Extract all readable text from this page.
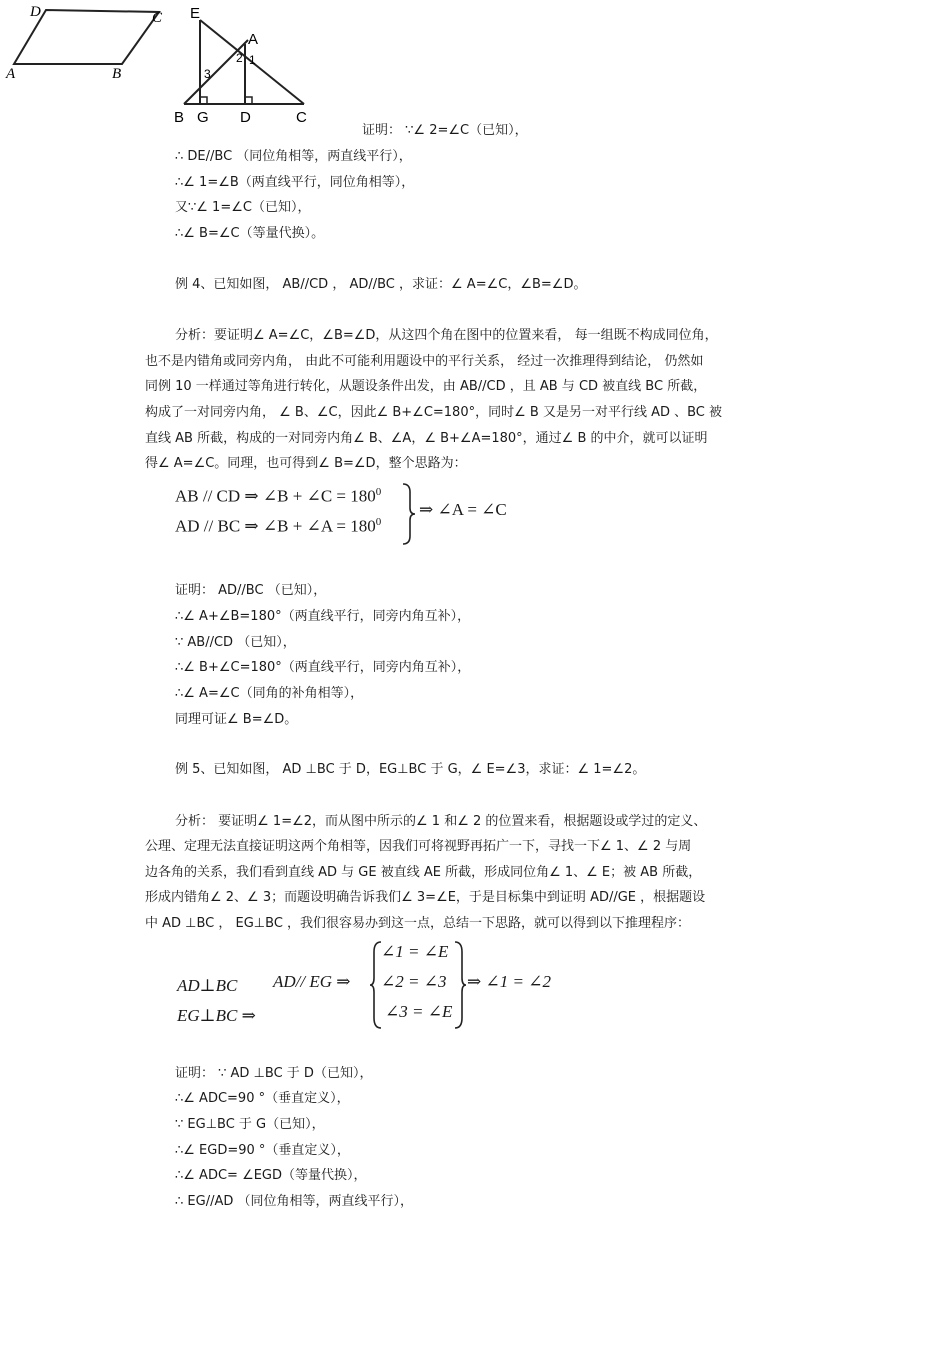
D	C
A	B
E
A
2 1
3
B G D	C
证明： ∵∠ 2=∠C（已知），
∴ DE//BC （同位角相等，两直线平行），
∴∠ 1=∠B（两直线平行，同位角相等），
又∵∠ 1=∠C（已知），
∴∠ B=∠C（等量代换）。
例 4、已知如图， AB//CD ， AD//BC ，求证：∠ A=∠C，∠B=∠D。
分析：要证明∠ A=∠C，∠B=∠D，从这四个角在图中的位置来看， 每一组既不构成同位角，
也不是内错角或同旁内角， 由此不可能利用题设中的平行关系， 经过一次推理得到结论， 仍然如
同例 10 一样通过等角进行转化，从题设条件出发，由 AB//CD ，且 AB 与 CD 被直线 BC 所截，
构成了一对同旁内角， ∠ B、∠C，因此∠ B+∠C=180°，同时∠ B 又是另一对平行线 AD 、BC 被
直线 AB 所截，构成的一对同旁内角∠ B、∠A，∠ B+∠A=180°，通过∠ B 的中介，就可以证明
得∠ A=∠C。同理，也可得到∠ B=∠D，整个思路为：
AB // CD ⇒ ∠B + ∠C = $180^0$
AD // BC ⇒ ∠B + ∠A = $180^0$
⇒ ∠A = ∠C
证明： AD//BC （已知），
∴∠ A+∠B=180°（两直线平行，同旁内角互补），
∵ AB//CD （已知），
∴∠ B+∠C=180°（两直线平行，同旁内角互补），
∴∠ A=∠C（同角的补角相等），
同理可证∠ B=∠D。
例 5、已知如图， AD ⊥BC 于 D，EG⊥BC 于 G，∠ E=∠3，求证：∠ 1=∠2。
分析： 要证明∠ 1=∠2，而从图中所示的∠ 1 和∠ 2 的位置来看，根据题设或学过的定义、
公理、定理无法直接证明这两个角相等，因我们可将视野再拓广一下，寻找一下∠ 1、∠ 2 与周
边各角的关系，我们看到直线 AD 与 GE 被直线 AE 所截，形成同位角∠ 1、∠ E；被 AB 所截，
形成内错角∠ 2、∠ 3；而题设明确告诉我们∠ 3=∠E，于是目标集中到证明 AD//GE ，根据题设
中 AD ⊥BC ， EG⊥BC ，我们很容易办到这一点，总结一下思路，就可以得到以下推理程序：
AD⊥BC
EG⊥BC ⇒
AD// EG ⇒
∠1 = ∠E
∠2 = ∠3
∠3 = ∠E
⇒ ∠1 = ∠2
证明： ∵ AD ⊥BC 于 D（已知），
∴∠ ADC=90 °（垂直定义），
∵ EG⊥BC 于 G（已知），
∴∠ EGD=90 °（垂直定义），
∴∠ ADC= ∠EGD（等量代换），
∴ EG//AD （同位角相等，两直线平行），
